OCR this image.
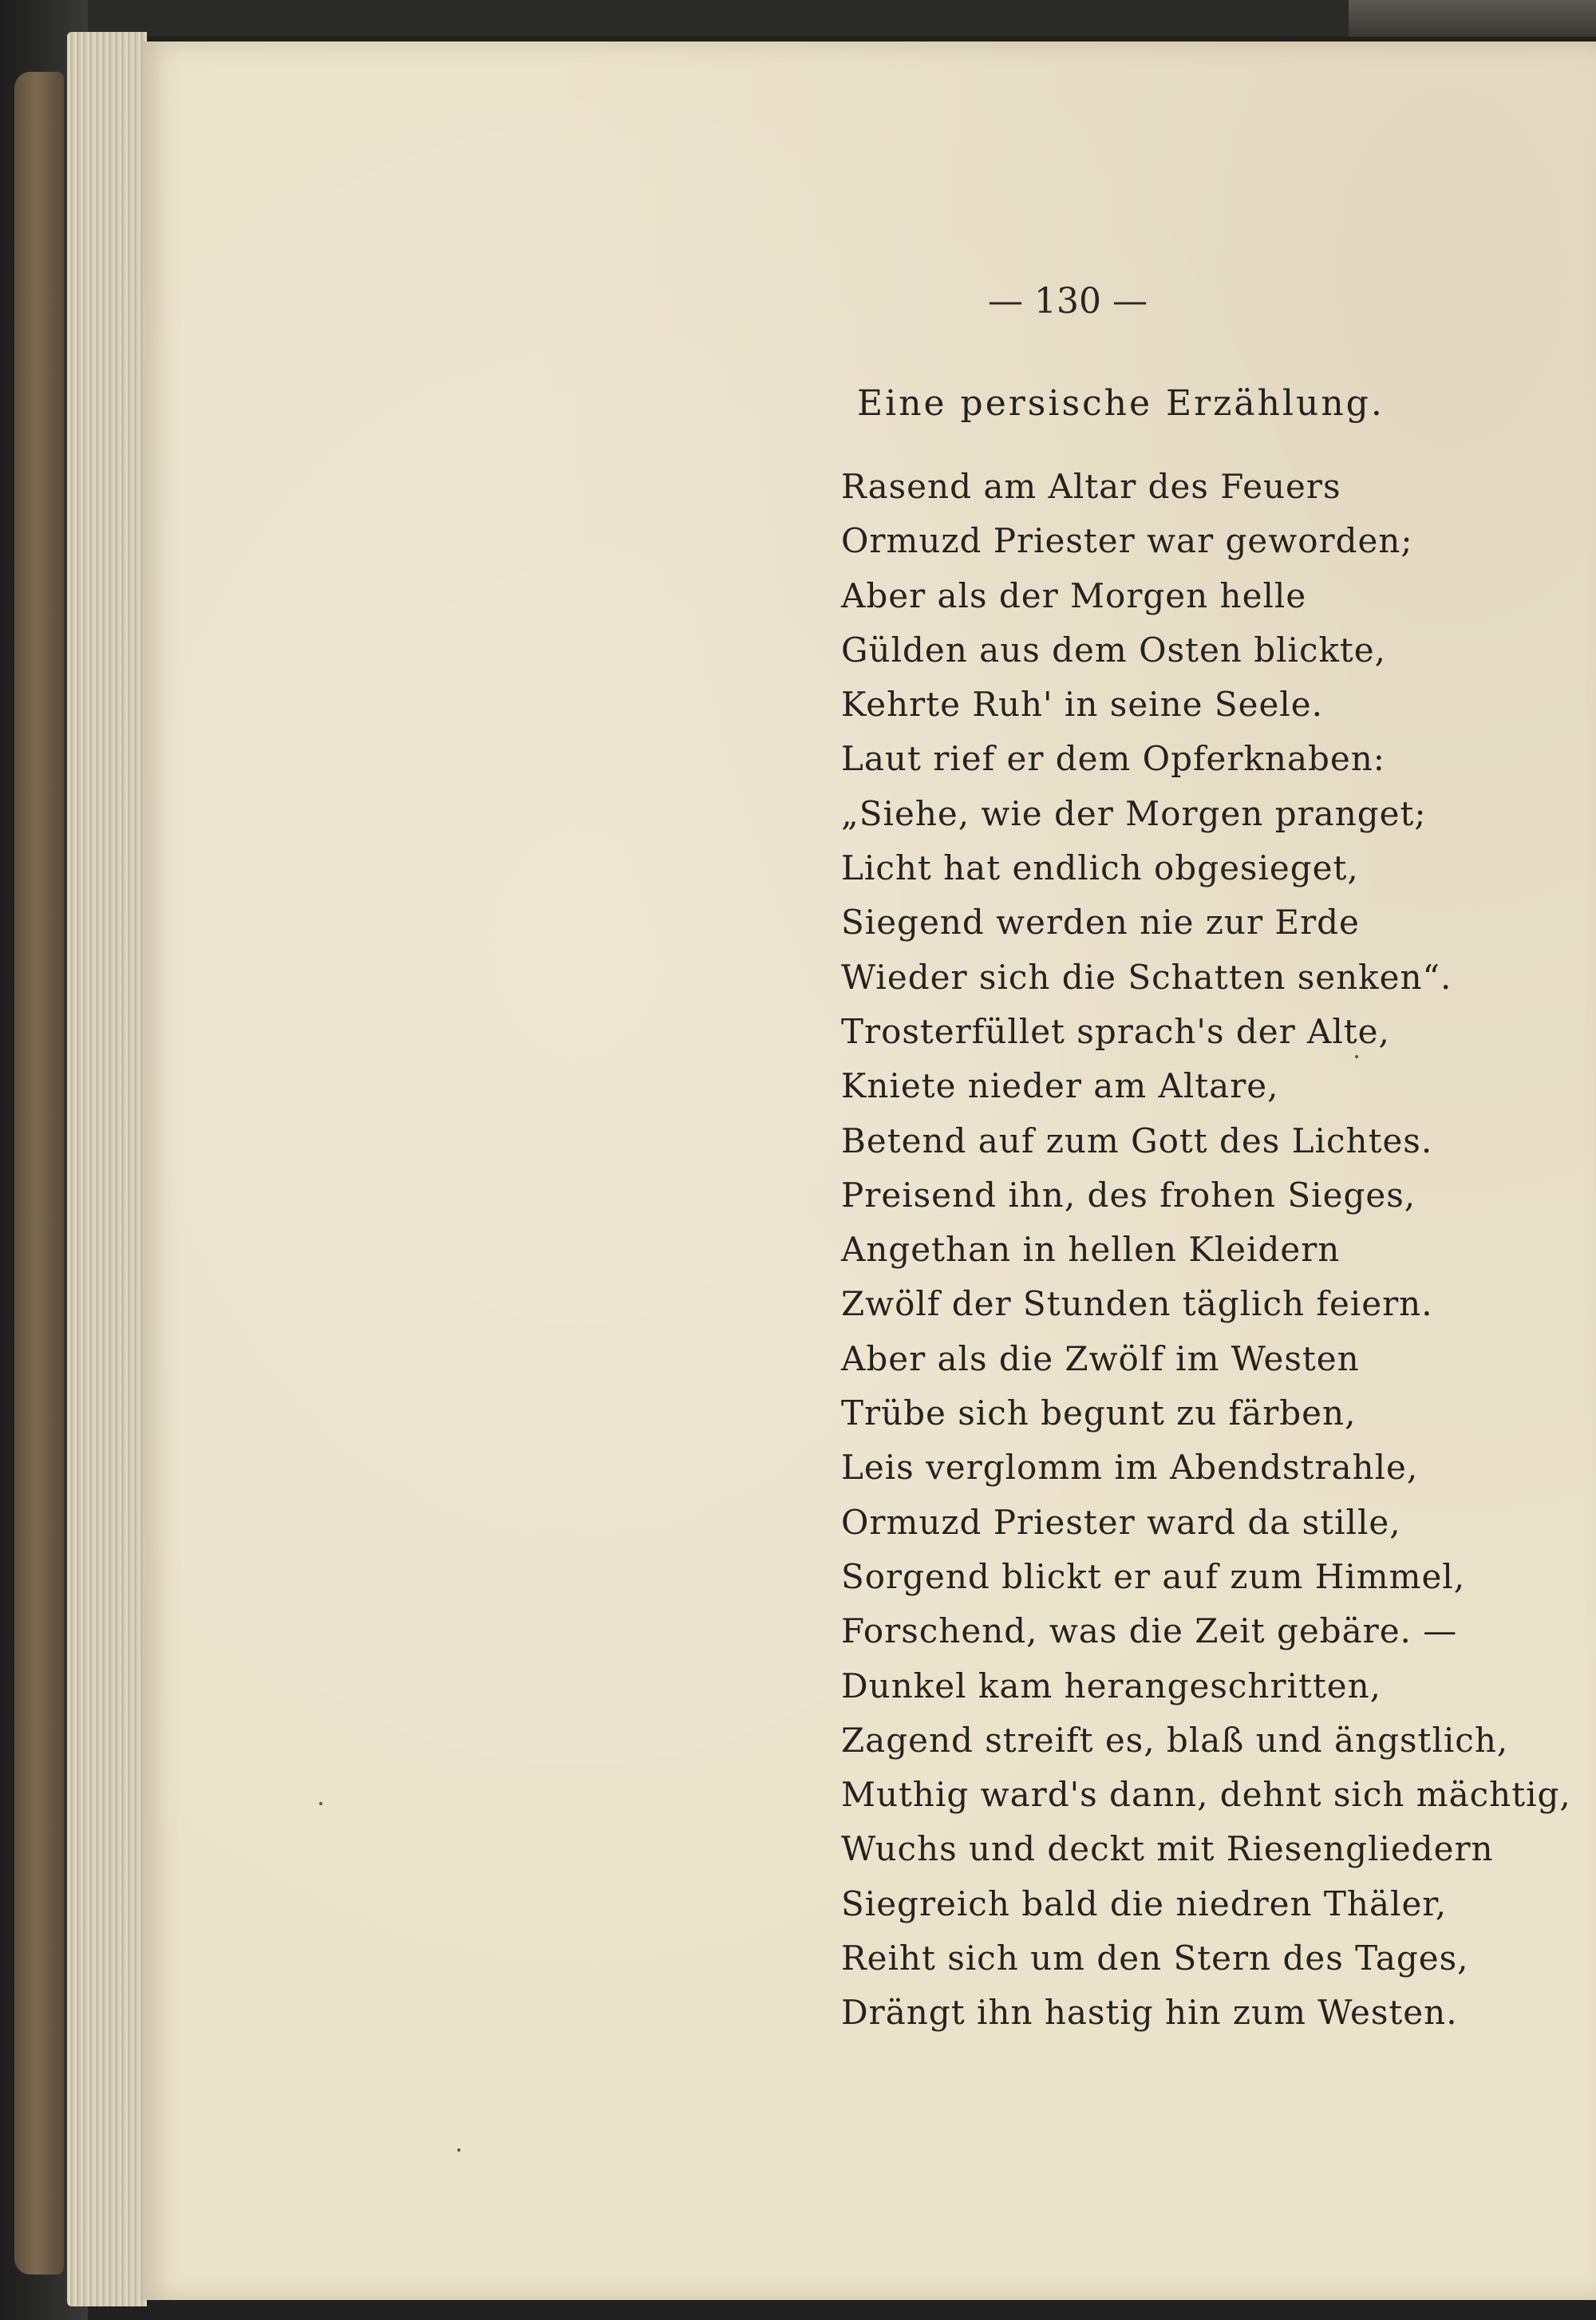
— 130 —
Eine persische Erzählung.
Rasend am Altar des Feuers
Ormuzd Priester war geworden;
Aber als der Morgen helle
Gülden aus dem Osten blickte,
Kehrte Ruh' in seine Seele.
Laut rief er dem Opferknaben:
„Siehe, wie der Morgen pranget;
Licht hat endlich obgesieget,
Siegend werden nie zur Erde
Wieder sich die Schatten senken“.
Trosterfüllet sprach's der Alte,
Kniete nieder am Altare,
Betend auf zum Gott des Lichtes.
Preisend ihn, des frohen Sieges,
Angethan in hellen Kleidern
Zwölf der Stunden täglich feiern.
Aber als die Zwölf im Westen
Trübe sich begunt zu färben,
Leis verglomm im Abendstrahle,
Ormuzd Priester ward da stille,
Sorgend blickt er auf zum Himmel,
Forschend, was die Zeit gebäre. —
Dunkel kam herangeschritten,
Zagend streift es, blaß und ängstlich,
Muthig ward's dann, dehnt sich mächtig,
Wuchs und deckt mit Riesengliedern
Siegreich bald die niedren Thäler,
Reiht sich um den Stern des Tages,
Drängt ihn hastig hin zum Westen.
